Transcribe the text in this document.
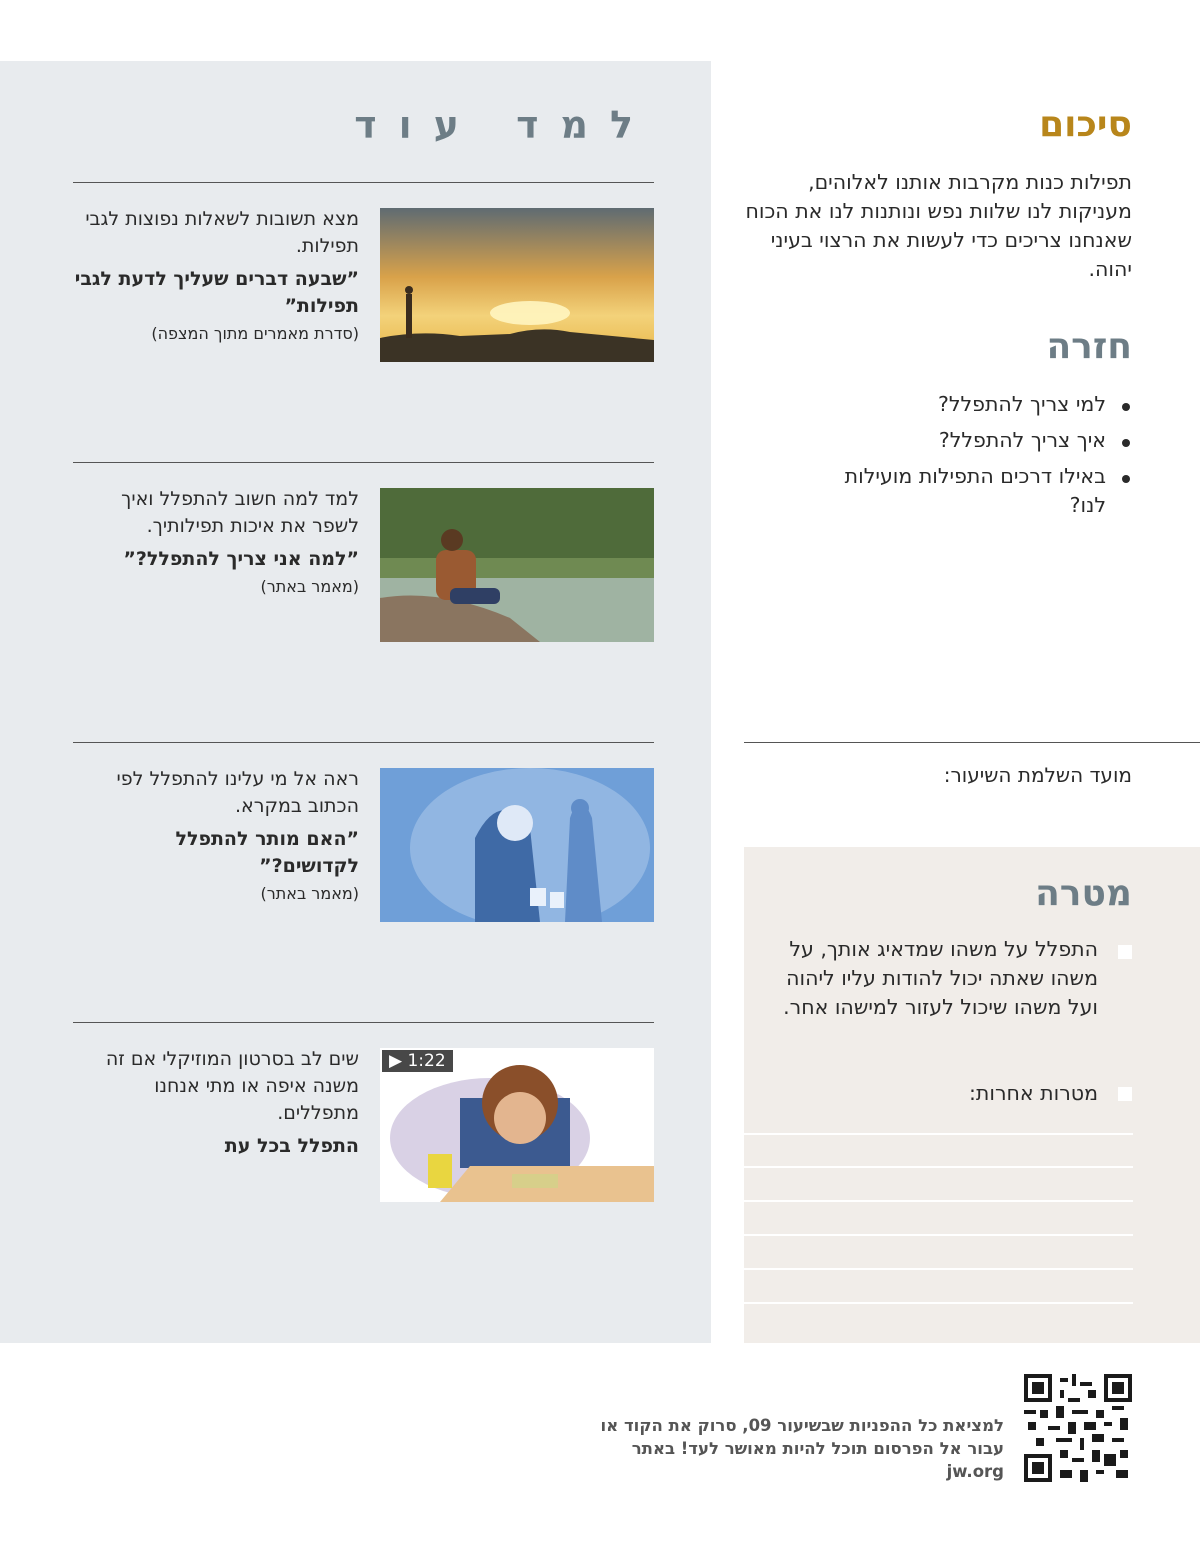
למד עוד

מצא תשובות לשאלות נפוצות לגבי תפילות.

”שבעה דברים שעליך לדעת לגבי תפילות”

(סדרת מאמרים מתוך המצפה)

למד למה חשוב להתפלל ואיך לשפר את איכות תפילותיך.

”למה אני צריך להתפלל?”

(מאמר באתר)

ראה אל מי עלינו להתפלל לפי הכתוב במקרא.

”האם מותר להתפלל לקדושים?”

(מאמר באתר)

▶ 1:22

שים לב בסרטון המוזיקלי אם זה משנה איפה או מתי אנחנו מתפללים.

התפלל בכל עת

סיכום
תפילות כנות מקרבות אותנו לאלוהים, מעניקות לנו שלוות נפש ונותנות לנו את הכוח שאנחנו צריכים כדי לעשות את הרצוי בעיני יהוה.
חזרה
למי צריך להתפלל?
איך צריך להתפלל?
באילו דרכים התפילות מועילות לנו?
מועד השלמת השיעור:
מטרה
התפלל על משהו שמדאיג אותך, על משהו שאתה יכול להודות עליו ליהוה ועל משהו שיכול לעזור למישהו אחר.
מטרות אחרות:
למציאת כל ההפניות שבשיעור 09, סרוק את הקוד או עבור אל הפרסום תוכל להיות מאושר לעד! באתר jw.org
